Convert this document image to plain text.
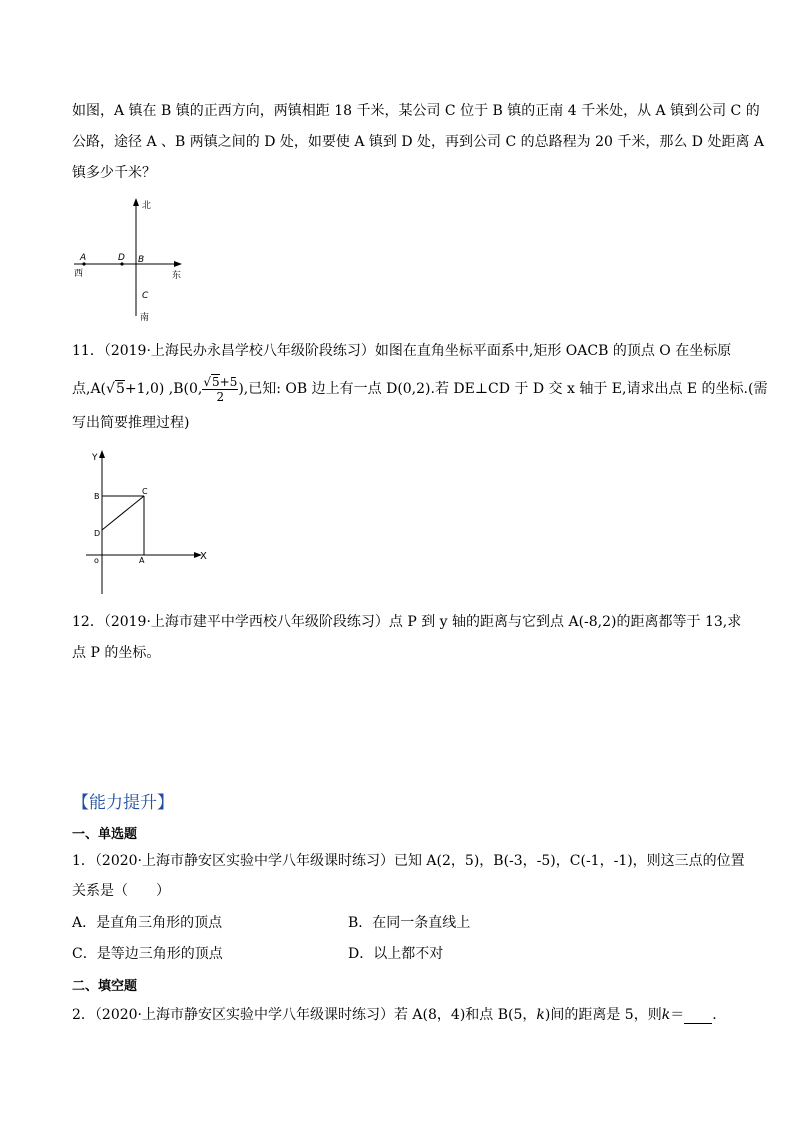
如图，A 镇在 B 镇的正西方向，两镇相距 18 千米，某公司 C 位于 B 镇的正南 4 千米处，从 A 镇到公司 C 的
公路，途径 A 、B 两镇之间的 D 处，如要使 A 镇到 D 处，再到公司 C 的总路程为 20 千米，那么 D 处距离 A
镇多少千米？
北
南
西	东
A	D B
C
11．（2019·上海民办永昌学校八年级阶段练习）如图在直角坐标平面系中,矩形 OACB 的顶点 O 在坐标原
点,A(√5+1,0) ,B(0, $\frac{√5+5}{2}$ ),已知: OB 边上有一点 D(0,2).若 DE⊥CD 于 D 交 x 轴于 E,请求出点 E 的坐标.(需
写出简要推理过程)
Y
X
B
C
D
o	A
12．（2019·上海市建平中学西校八年级阶段练习）点 P 到 y 轴的距离与它到点 A(-8,2)的距离都等于 13,求
点 P 的坐标。
【能力提升】
一、单选题
1．（2020·上海市静安区实验中学八年级课时练习）已知 A(2，5)，B(-3，-5)，C(-1，-1)，则这三点的位置
关系是（　　）
A．是直角三角形的顶点	B．在同一条直线上
C．是等边三角形的顶点	D．以上都不对
二、填空题
2．（2020·上海市静安区实验中学八年级课时练习）若 A(8，4)和点 B(5，k)间的距离是 5，则k＝ .
